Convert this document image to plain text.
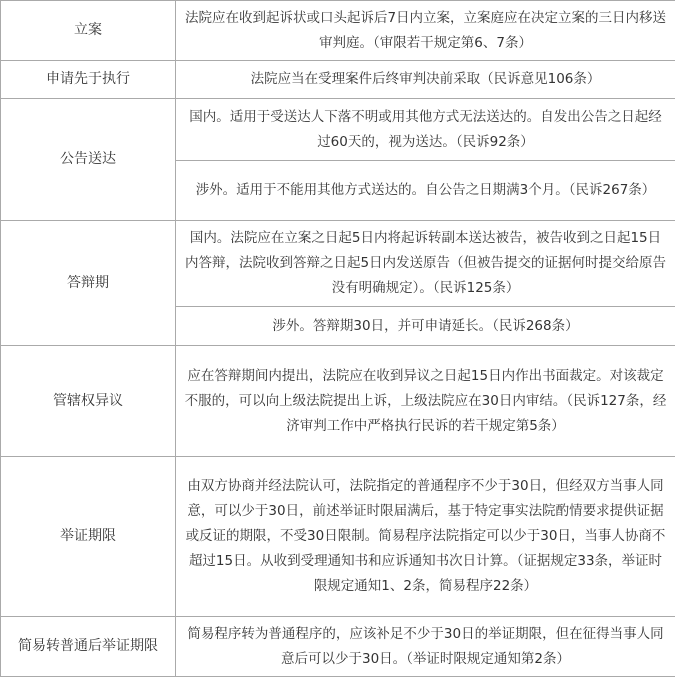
立案	法院应在收到起诉状或口头起诉后7日内立案，立案庭应在决定立案的三日内移送审判庭。（审限若干规定第6、7条）
申请先于执行	法院应当在受理案件后终审判决前采取（民诉意见106条）
公告送达	国内。适用于受送达人下落不明或用其他方式无法送达的。自发出公告之日起经过60天的，视为送达。（民诉92条）
	涉外。适用于不能用其他方式送达的。自公告之日期满3个月。（民诉267条）
答辩期	国内。法院应在立案之日起5日内将起诉转副本送达被告，被告收到之日起15日内答辩，法院收到答辩之日起5日内发送原告（但被告提交的证据何时提交给原告没有明确规定）。（民诉125条）
	涉外。答辩期30日，并可申请延长。（民诉268条）
管辖权异议	应在答辩期间内提出，法院应在收到异议之日起15日内作出书面裁定。对该裁定不服的，可以向上级法院提出上诉，上级法院应在30日内审结。（民诉127条，经济审判工作中严格执行民诉的若干规定第5条）
举证期限	由双方协商并经法院认可，法院指定的普通程序不少于30日，但经双方当事人同意，可以少于30日，前述举证时限届满后，基于特定事实法院酌情要求提供证据或反证的期限，不受30日限制。简易程序法院指定可以少于30日，当事人协商不超过15日。从收到受理通知书和应诉通知书次日计算。（证据规定33条，举证时限规定通知1、2条，简易程序22条）
简易转普通后举证期限	简易程序转为普通程序的，应该补足不少于30日的举证期限，但在征得当事人同意后可以少于30日。（举证时限规定通知第2条）
